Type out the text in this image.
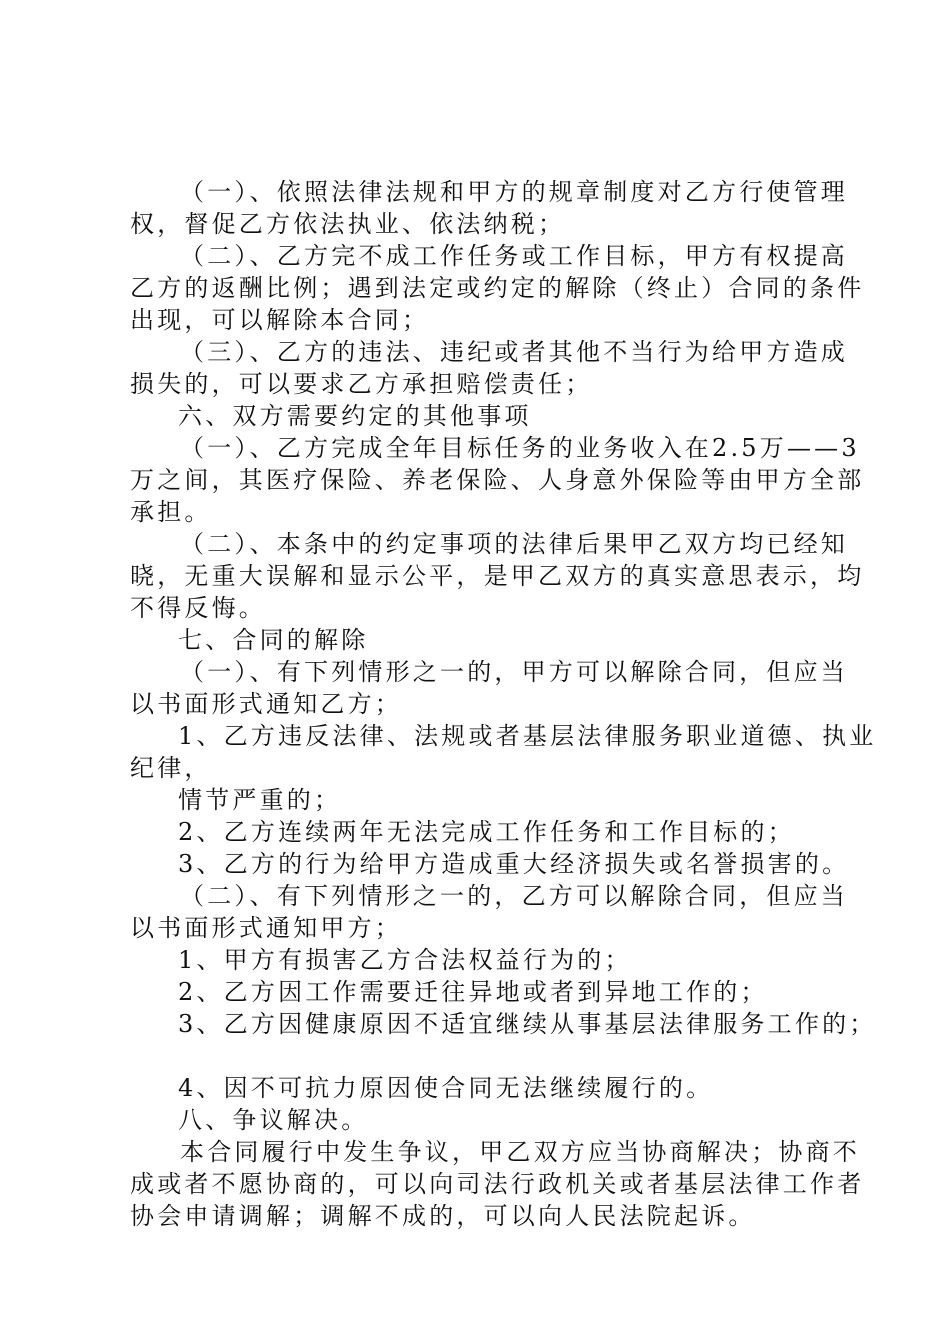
（一）、依照法律法规和甲方的规章制度对乙方行使管理
权，督促乙方依法执业、依法纳税；
（二）、乙方完不成工作任务或工作目标，甲方有权提高
乙方的返酬比例；遇到法定或约定的解除（终止）合同的条件
出现，可以解除本合同；
（三）、乙方的违法、违纪或者其他不当行为给甲方造成
损失的，可以要求乙方承担赔偿责任；
六、双方需要约定的其他事项
（一）、乙方完成全年目标任务的业务收入在2.5万——3
万之间，其医疗保险、养老保险、人身意外保险等由甲方全部
承担。
（二）、本条中的约定事项的法律后果甲乙双方均已经知
晓，无重大误解和显示公平，是甲乙双方的真实意思表示，均
不得反悔。
七、合同的解除
（一）、有下列情形之一的，甲方可以解除合同，但应当
以书面形式通知乙方；
1、乙方违反法律、法规或者基层法律服务职业道德、执业
纪律，
情节严重的；
2、乙方连续两年无法完成工作任务和工作目标的；
3、乙方的行为给甲方造成重大经济损失或名誉损害的。
（二）、有下列情形之一的，乙方可以解除合同，但应当
以书面形式通知甲方；
1、甲方有损害乙方合法权益行为的；
2、乙方因工作需要迁往异地或者到异地工作的；
3、乙方因健康原因不适宜继续从事基层法律服务工作的；
4、因不可抗力原因使合同无法继续履行的。
八、争议解决。
本合同履行中发生争议，甲乙双方应当协商解决；协商不
成或者不愿协商的，可以向司法行政机关或者基层法律工作者
协会申请调解；调解不成的，可以向人民法院起诉。
